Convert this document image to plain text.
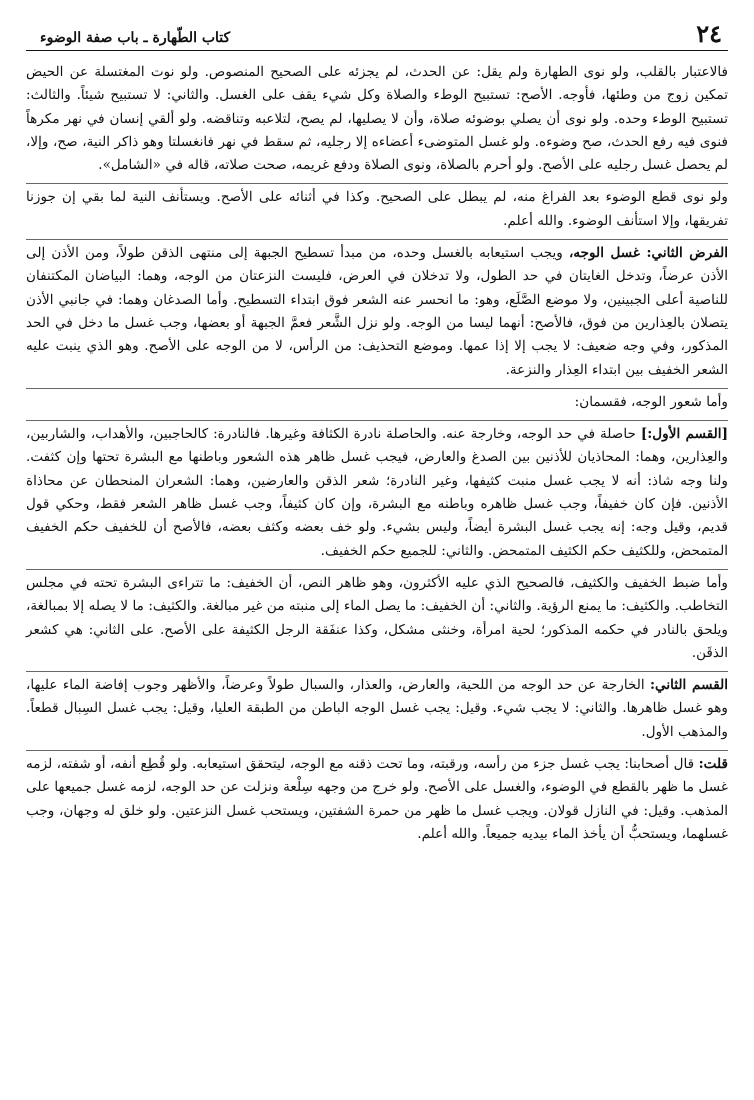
٢٤
كتاب الطّهارة ـ باب صفة الوضوء

فالاعتبار بالقلب، ولو نوى الطهارة ولم يقل: عن الحدث، لم يجزئه على الصحيح المنصوص. ولو نوت المغتسلة عن الحيض تمكين زوج من وطئها، فأوجه. الأصح: تستبيح الوطء والصلاة وكل شيء يقف على الغسل. والثاني: لا تستبيح شيئاً. والثالث: تستبيح الوطء وحده. ولو نوى أن يصلي بوضوئه صلاة، وأن لا يصليها، لم يصح، لتلاعبه وتناقضه. ولو ألقي إنسان في نهر مكرهاً فنوى فيه رفع الحدث، صح وضوءه. ولو غسل المتوضىء أعضاءه إلا رجليه، ثم سقط في نهر فانغسلتا وهو ذاكر النية، صح، وإلا، لم يحصل غسل رجليه على الأصح. ولو أحرم بالصلاة، ونوى الصلاة ودفع غريمه، صحت صلاته، قاله في «الشامل».

ولو نوى قطع الوضوء بعد الفراغ منه، لم يبطل على الصحيح. وكذا في أثنائه على الأصح. ويستأنف النية لما بقي إن جوزنا تفريقها، وإلا استأنف الوضوء. والله أعلم.

الفرض الثاني: غسل الوجه، ويجب استيعابه بالغسل وحده، من مبدأ تسطيح الجبهة إلى منتهى الذقن طولاً، ومن الأذن إلى الأذن عرضاً، وتدخل الغايتان في حد الطول، ولا تدخلان في العرض، فليست النزعتان من الوجه، وهما: البياضان المكتنفان للناصية أعلى الجبينين، ولا موضع الصَّلَع، وهو: ما انحسر عنه الشعر فوق ابتداء التسطيح. وأما الصدغان وهما: في جانبي الأذن يتصلان بالعِذارين من فوق، فالأصح: أنهما ليسا من الوجه. ولو نزل الشَّعر فعمَّ الجبهة أو بعضها، وجب غسل ما دخل في الحد المذكور، وفي وجه ضعيف: لا يجب إلا إذا عمها. وموضع التحذيف: من الرأس، لا من الوجه على الأصح. وهو الذي ينبت عليه الشعر الخفيف بين ابتداء العِذار والنزعة.

وأما شعور الوجه، فقسمان:

[القسم الأول:] حاصلة في حد الوجه، وخارجة عنه. والحاصلة نادرة الكثافة وغيرها. فالنادرة: كالحاجبين، والأهداب، والشاربين، والعِذارين، وهما: المحاذيان للأذنين بين الصدغ والعارض، فيجب غسل ظاهر هذه الشعور وباطنها مع البشرة تحتها وإن كثفت. ولنا وجه شاذ: أنه لا يجب غسل منبت كثيفها، وغير النادرة؛ شعر الذقن والعارضين، وهما: الشعران المنحطان عن محاذاة الأذنين. فإن كان خفيفاً، وجب غسل ظاهره وباطنه مع البشرة، وإن كان كثيفاً، وجب غسل ظاهر الشعر فقط، وحكي قول قديم، وقيل وجه: إنه يجب غسل البشرة أيضاً، وليس بشيء. ولو خف بعضه وكثف بعضه، فالأصح أن للخفيف حكم الخفيف المتمحض، وللكثيف حكم الكثيف المتمحض. والثاني: للجميع حكم الخفيف.

وأما ضبط الخفيف والكثيف، فالصحيح الذي عليه الأكثرون، وهو ظاهر النص، أن الخفيف: ما تتراءى البشرة تحته في مجلس التخاطب. والكثيف: ما يمنع الرؤية. والثاني: أن الخفيف: ما يصل الماء إلى منبته من غير مبالغة. والكثيف: ما لا يصله إلا بمبالغة، ويلحق بالنادر في حكمه المذكور؛ لحية امرأة، وخنثى مشكل، وكذا عنفَقة الرجل الكثيفة على الأصح. على الثاني: هي كشعر الذقَن.

القسم الثاني: الخارجة عن حد الوجه من اللحية، والعارض، والعذار، والسبال طولاً وعرضاً، والأظهر وجوب إفاضة الماء عليها، وهو غسل ظاهرها. والثاني: لا يجب شيء. وقيل: يجب غسل الوجه الباطن من الطبقة العليا، وقيل: يجب غسل السِبال قطعاً. والمذهب الأول.

قلت: قال أصحابنا: يجب غسل جزء من رأسه، ورقبته، وما تحت ذقنه مع الوجه، ليتحقق استيعابه. ولو قُطِع أنفه، أو شفته، لزمه غسل ما ظهر بالقطع في الوضوء، والغسل على الأصح. ولو خرج من وجهه سِلْعة ونزلت عن حد الوجه، لزمه غسل جميعها على المذهب. وقيل: في النازل قولان. ويجب غسل ما ظهر من حمرة الشفتين، ويستحب غسل النزعتين. ولو خلق له وجهان، وجب غسلهما، ويستحبُّ أن يأخذ الماء بيديه جميعاً. والله أعلم.
